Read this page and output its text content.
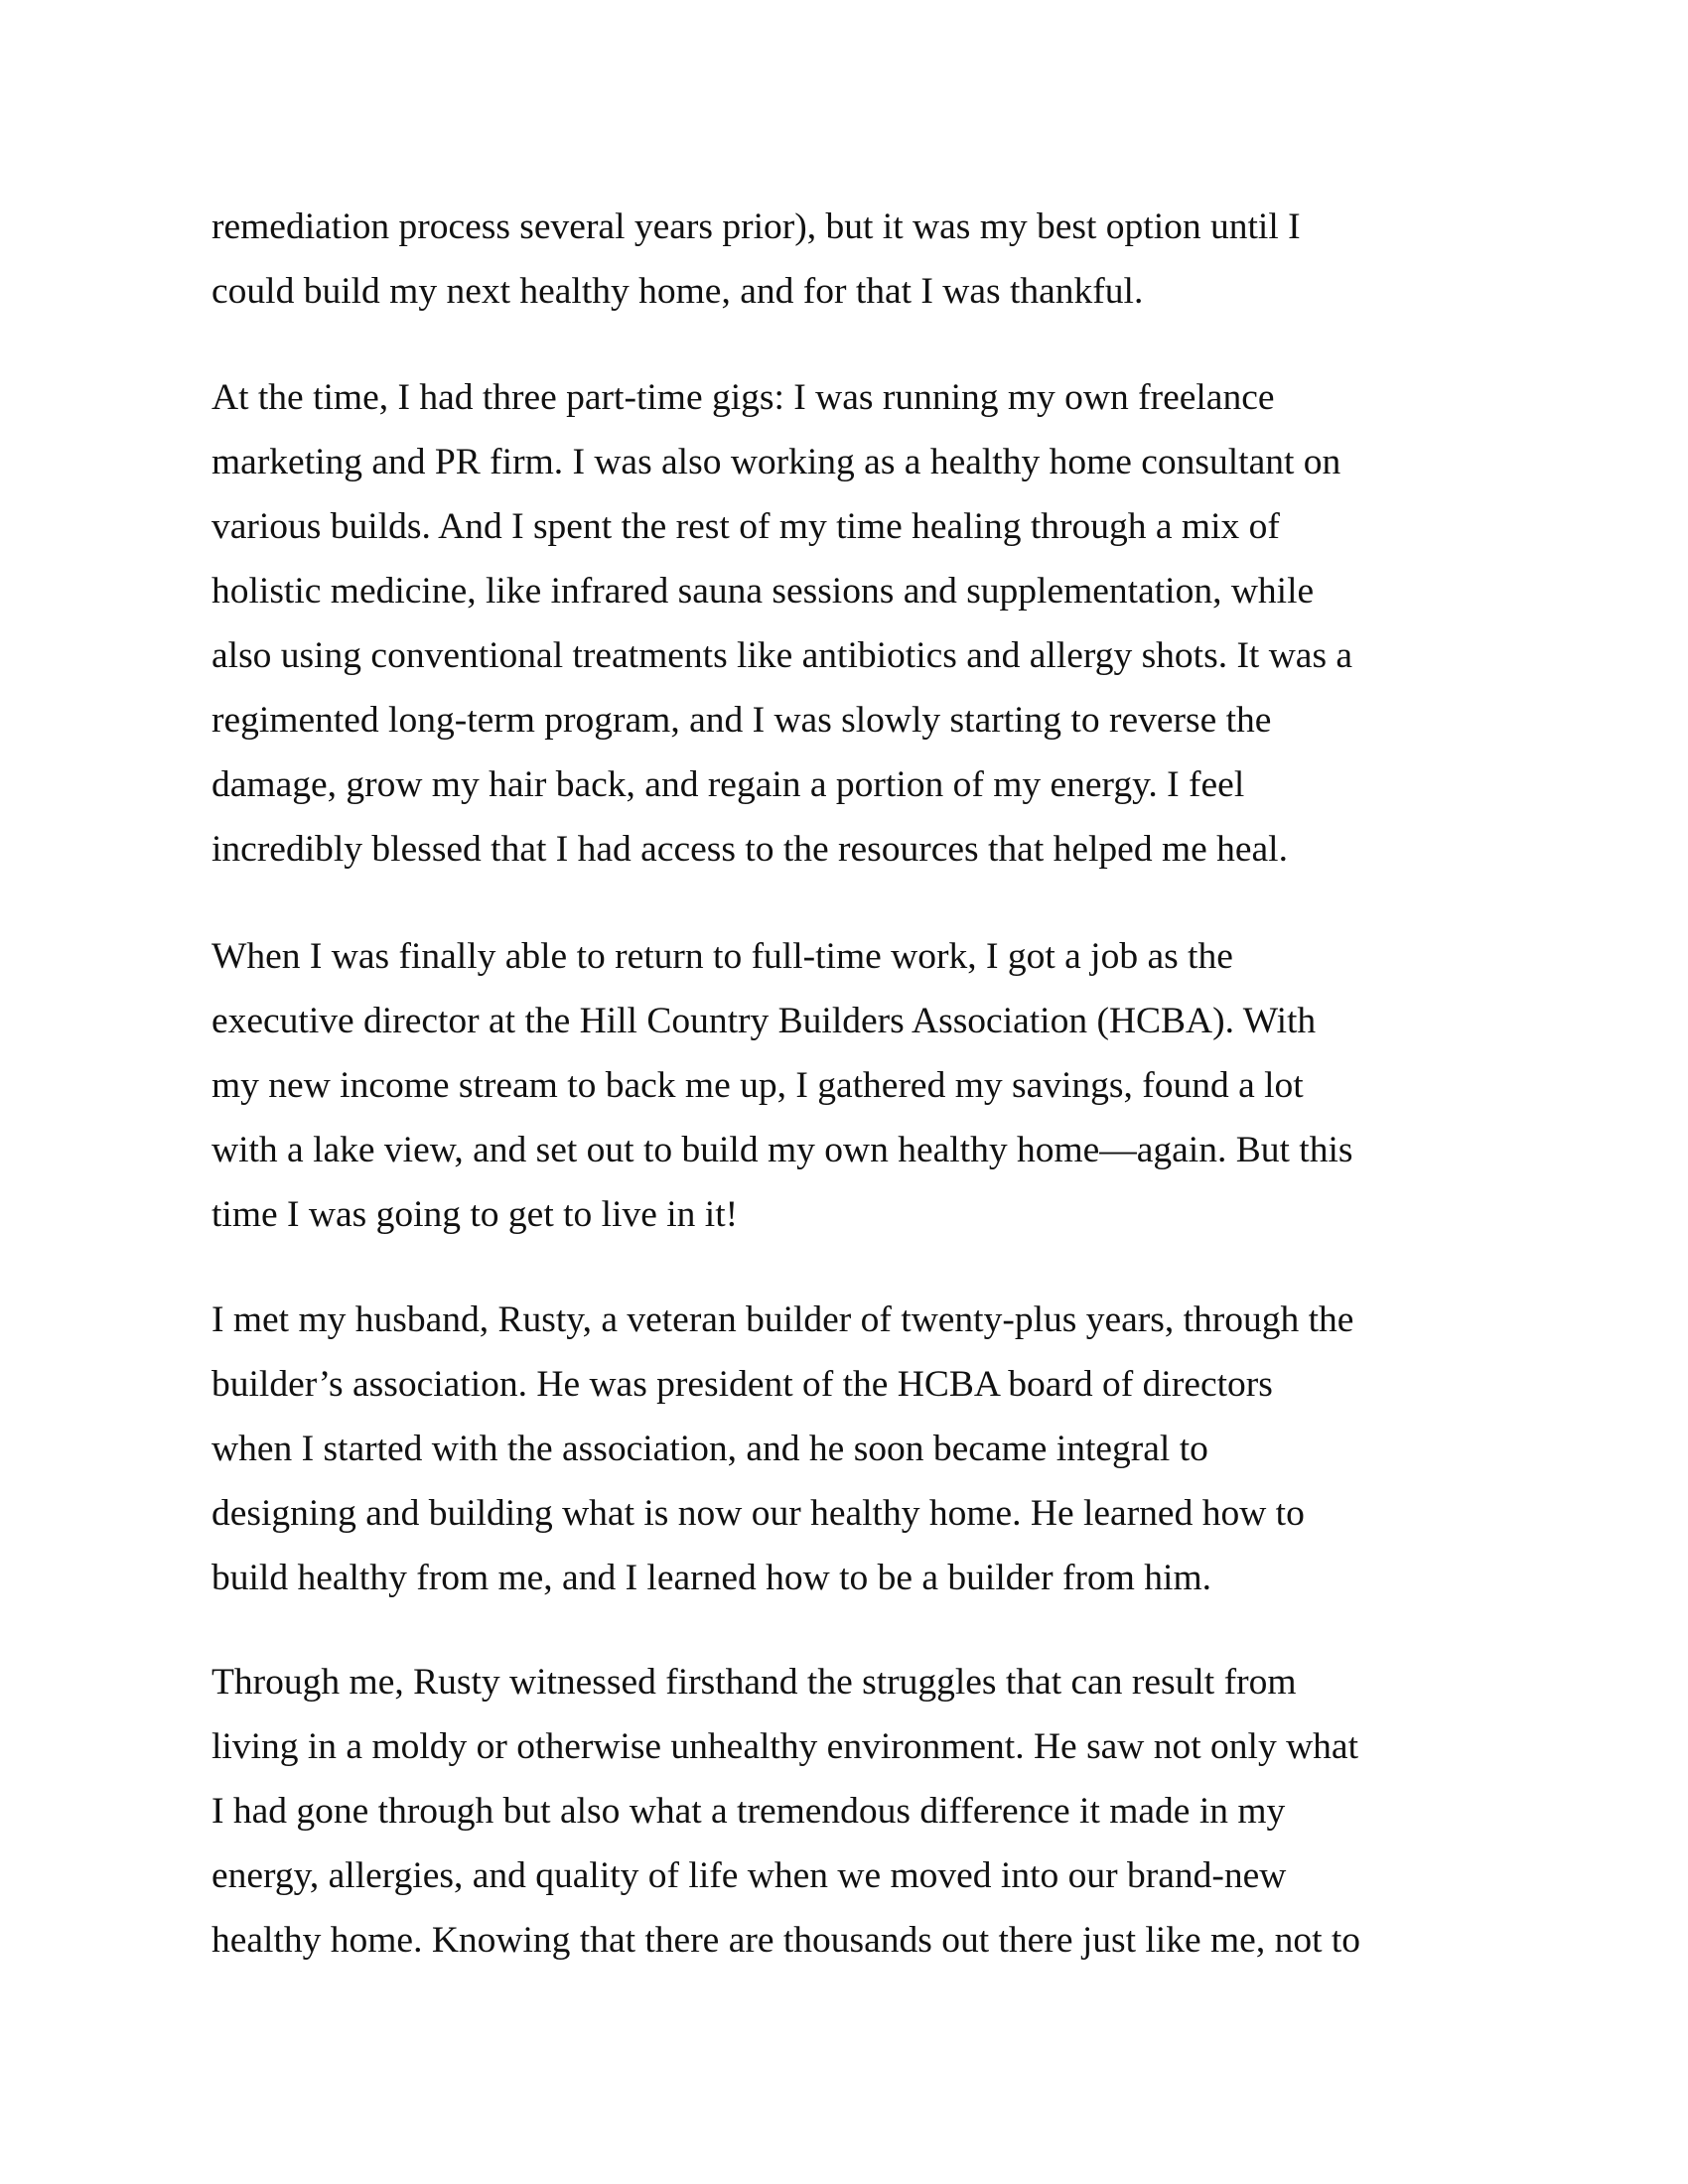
remediation process several years prior), but it was my best option until I
could build my next healthy home, and for that I was thankful.
At the time, I had three part-time gigs: I was running my own freelance
marketing and PR firm. I was also working as a healthy home consultant on
various builds. And I spent the rest of my time healing through a mix of
holistic medicine, like infrared sauna sessions and supplementation, while
also using conventional treatments like antibiotics and allergy shots. It was a
regimented long-term program, and I was slowly starting to reverse the
damage, grow my hair back, and regain a portion of my energy. I feel
incredibly blessed that I had access to the resources that helped me heal.
When I was finally able to return to full-time work, I got a job as the
executive director at the Hill Country Builders Association (HCBA). With
my new income stream to back me up, I gathered my savings, found a lot
with a lake view, and set out to build my own healthy home—again. But this
time I was going to get to live in it!
I met my husband, Rusty, a veteran builder of twenty-plus years, through the
builder’s association. He was president of the HCBA board of directors
when I started with the association, and he soon became integral to
designing and building what is now our healthy home. He learned how to
build healthy from me, and I learned how to be a builder from him.
Through me, Rusty witnessed firsthand the struggles that can result from
living in a moldy or otherwise unhealthy environment. He saw not only what
I had gone through but also what a tremendous difference it made in my
energy, allergies, and quality of life when we moved into our brand-new
healthy home. Knowing that there are thousands out there just like me, not to
